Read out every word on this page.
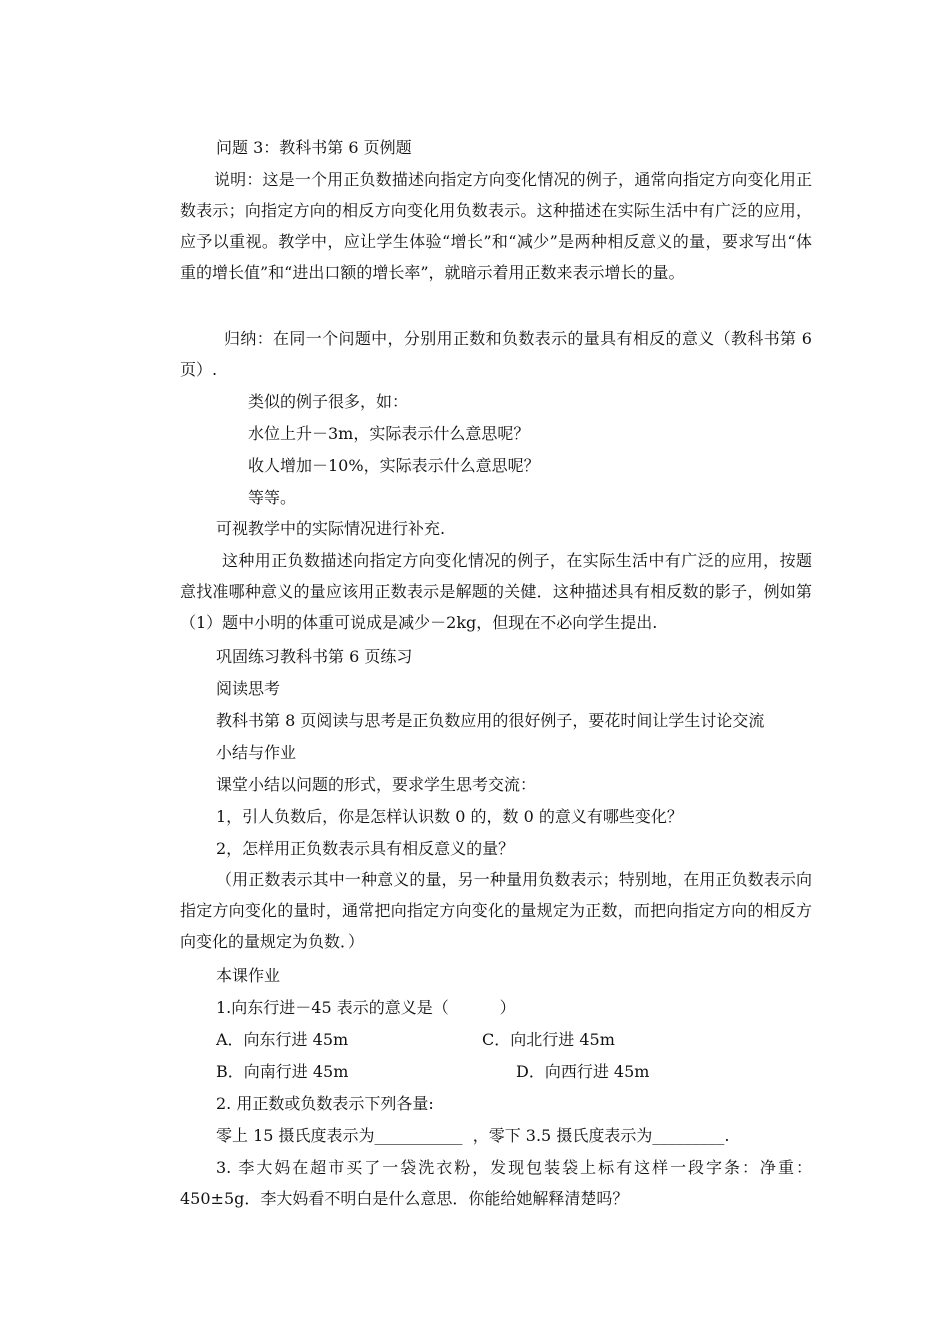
问题 3：教科书第 6 页例题
说明：这是一个用正负数描述向指定方向变化情况的例子，通常向指定方向变化用正数表示；向指定方向的相反方向变化用负数表示。这种描述在实际生活中有广泛的应用，应予以重视。教学中，应让学生体验“增长”和“减少”是两种相反意义的量，要求写出“体重的增长值”和“进出口额的增长率”，就暗示着用正数来表示增长的量。
归纳：在同一个问题中，分别用正数和负数表示的量具有相反的意义（教科书第 6 页）.
类似的例子很多，如：
水位上升－3m，实际表示什么意思呢？
收人增加－10%，实际表示什么意思呢？
等等。
可视教学中的实际情况进行补充.
这种用正负数描述向指定方向变化情况的例子，在实际生活中有广泛的应用，按题意找准哪种意义的量应该用正数表示是解题的关健．这种描述具有相反数的影子，例如第（1）题中小明的体重可说成是减少－2kg，但现在不必向学生提出.
巩固练习教科书第 6 页练习
阅读思考
教科书第 8 页阅读与思考是正负数应用的很好例子，要花时间让学生讨论交流
小结与作业
课堂小结以问题的形式，要求学生思考交流：
1，引人负数后，你是怎样认识数 0 的，数 0 的意义有哪些变化？
2，怎样用正负数表示具有相反意义的量？
（用正数表示其中一种意义的量，另一种量用负数表示；特别地，在用正负数表示向指定方向变化的量时，通常把向指定方向变化的量规定为正数，而把向指定方向的相反方向变化的量规定为负数．）
本课作业
1.向东行进－45 表示的意义是（          ）
A．向东行进 45m	C．向北行进 45m
B．向南行进 45m	D．向西行进 45m
2. 用正数或负数表示下列各量:
零上 15 摄氏度表示为___________  ，零下 3.5 摄氏度表示为_________.
3. 李大妈在超市买了一袋洗衣粉，发现包装袋上标有这样一段字条：净重：450±5g．李大妈看不明白是什么意思．你能给她解释清楚吗？
